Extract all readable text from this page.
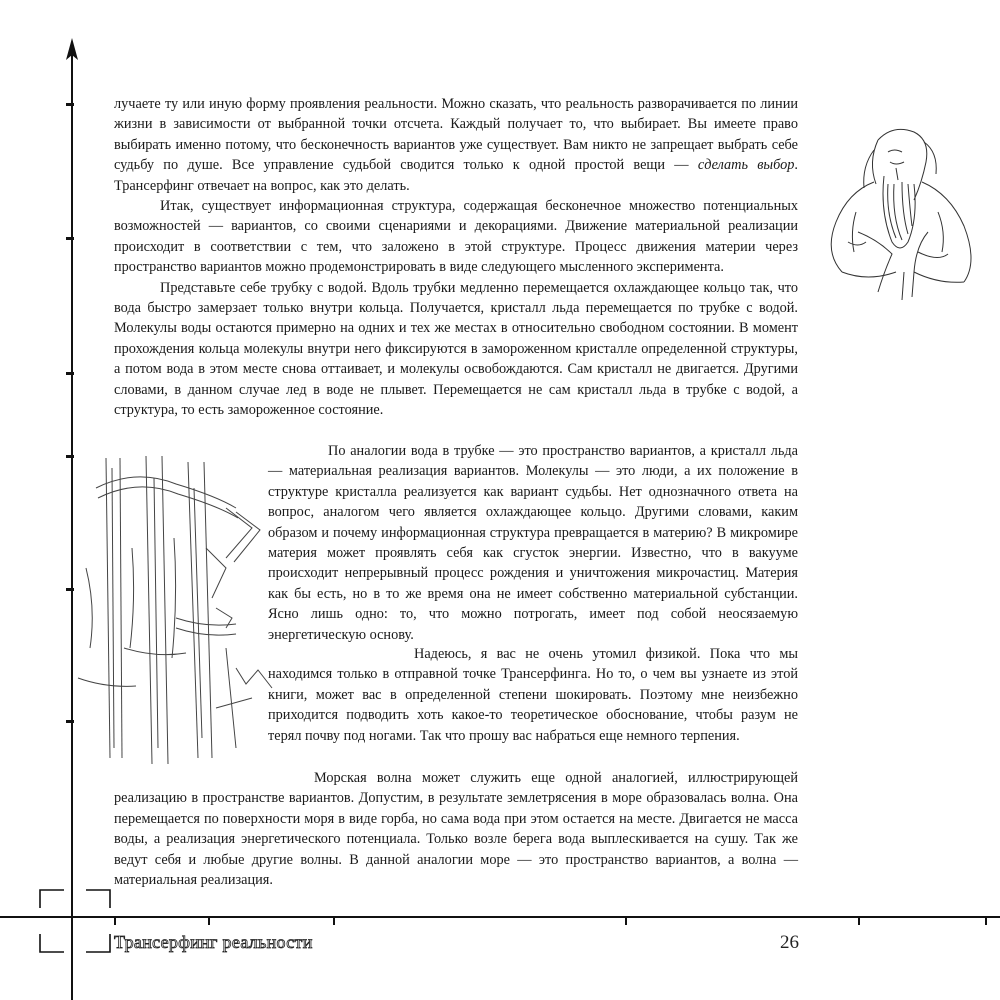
лучаете ту или иную форму проявления реальности. Можно сказать, что реальность разворачивается по линии жизни в зависимости от выбранной точки отсчета. Каждый получает то, что выбирает. Вы имеете право выбирать именно потому, что бесконечность вариантов уже существует. Вам никто не запрещает выбрать себе судьбу по душе. Все управление судьбой сводится только к одной простой вещи — сделать выбор. Трансерфинг отвечает на вопрос, как это делать.

Итак, существует информационная структура, содержащая бесконечное множество потенциальных возможностей — вариантов, со своими сценариями и декорациями. Движение материальной реализации происходит в соответствии с тем, что заложено в этой структуре. Процесс движения материи через пространство вариантов можно продемонстрировать в виде следующего мысленного эксперимента.

Представьте себе трубку с водой. Вдоль трубки медленно перемещается охлаждающее кольцо так, что вода быстро замерзает только внутри кольца. Получается, кристалл льда перемещается по трубке с водой. Молекулы воды остаются примерно на одних и тех же местах в относительно свободном состоянии. В момент прохождения кольца молекулы внутри него фиксируются в замороженном кристалле определенной структуры, а потом вода в этом месте снова оттаивает, и молекулы освобождаются. Сам кристалл не двигается. Другими словами, в данном случае лед в воде не плывет. Перемещается не сам кристалл льда в трубке с водой, а структура, то есть замороженное состояние.

По аналогии вода в трубке — это пространство вариантов, а кристалл льда — материальная реализация вариантов. Молекулы — это люди, а их положение в структуре кристалла реализуется как вариант судьбы. Нет однозначного ответа на вопрос, аналогом чего является охлаждающее кольцо. Другими словами, каким образом и почему информационная структура превращается в материю? В микромире материя может проявлять себя как сгусток энергии. Известно, что в вакууме происходит непрерывный процесс рождения и уничтожения микрочастиц. Материя как бы есть, но в то же время она не имеет собственно материальной субстанции. Ясно лишь одно: то, что можно потрогать, имеет под собой неосязаемую энергетическую основу.

Надеюсь, я вас не очень утомил физикой. Пока что мы находимся только в отправной точке Трансерфинга. Но то, о чем вы узнаете из этой книги, может вас в определенной степени шокировать. Поэтому мне неизбежно приходится подводить хоть какое-то теоретическое обоснование, чтобы разум не терял почву под ногами. Так что прошу вас набраться еще немного терпения.

Морская волна может служить еще одной аналогией, иллюстрирующей реализацию в пространстве вариантов. Допустим, в результате землетрясения в море образовалась волна. Она перемещается по поверхности моря в виде горба, но сама вода при этом остается на месте. Двигается не масса воды, а реализация энергетического потенциала. Только возле берега вода выплескивается на сушу. Так же ведут себя и любые другие волны. В данной аналогии море — это пространство вариантов, а волна — материальная реализация.

Трансерфинг реальности	26
